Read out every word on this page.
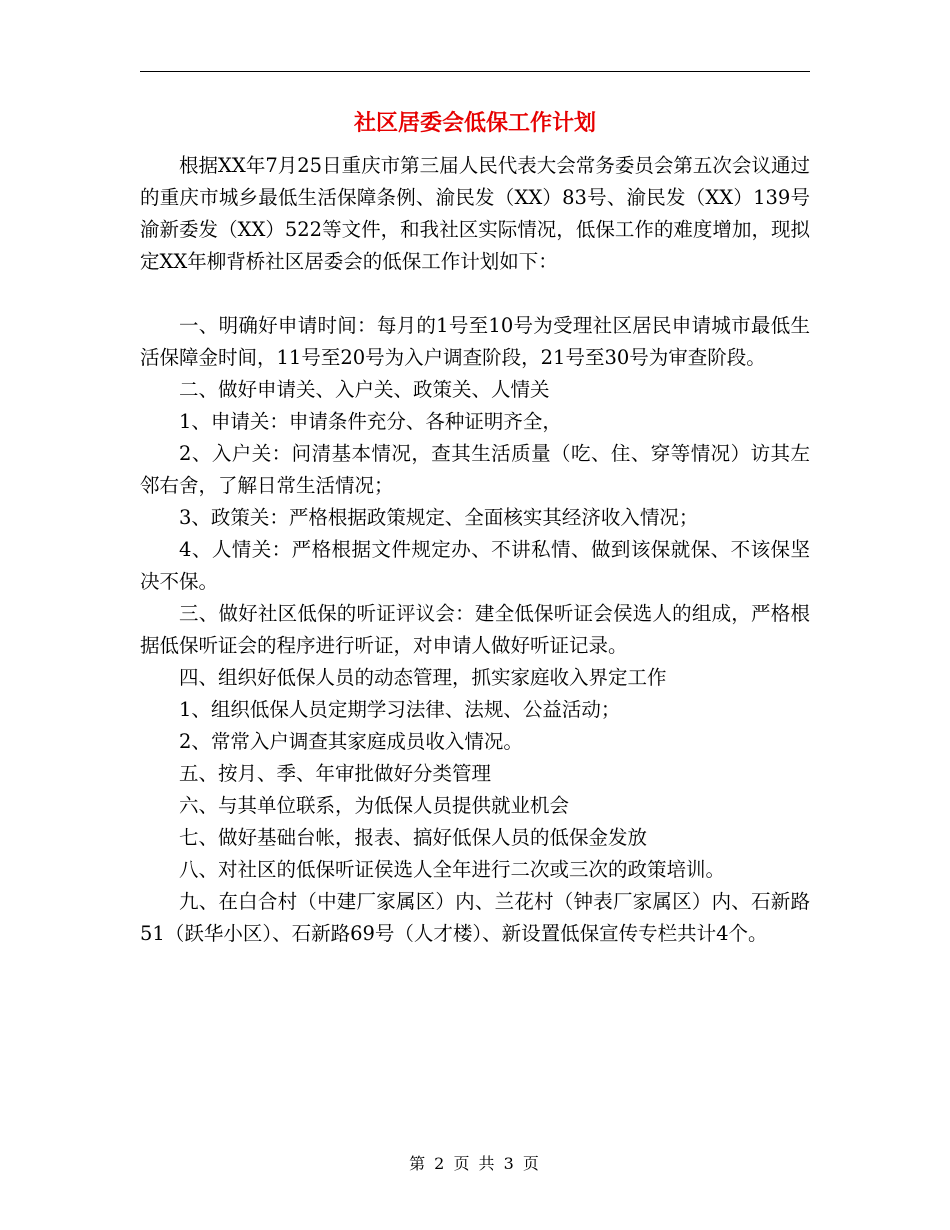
社区居委会低保工作计划

根据XX年7月25日重庆市第三届人民代表大会常务委员会第五次会议通过的重庆市城乡最低生活保障条例、渝民发（XX）83号、渝民发（XX）139号渝新委发（XX）522等文件，和我社区实际情况，低保工作的难度增加，现拟定XX年柳背桥社区居委会的低保工作计划如下：

一、明确好申请时间：每月的1号至10号为受理社区居民申请城市最低生活保障金时间，11号至20号为入户调查阶段，21号至30号为审查阶段。

二、做好申请关、入户关、政策关、人情关

1、申请关：申请条件充分、各种证明齐全，

2、入户关：问清基本情况，查其生活质量（吃、住、穿等情况）访其左邻右舍，了解日常生活情况；

3、政策关：严格根据政策规定、全面核实其经济收入情况；

4、人情关：严格根据文件规定办、不讲私情、做到该保就保、不该保坚决不保。

三、做好社区低保的听证评议会：建全低保听证会侯选人的组成，严格根据低保听证会的程序进行听证，对申请人做好听证记录。

四、组织好低保人员的动态管理，抓实家庭收入界定工作

1、组织低保人员定期学习法律、法规、公益活动；

2、常常入户调查其家庭成员收入情况。

五、按月、季、年审批做好分类管理

六、与其单位联系，为低保人员提供就业机会

七、做好基础台帐，报表、搞好低保人员的低保金发放

八、对社区的低保听证侯选人全年进行二次或三次的政策培训。

九、在白合村（中建厂家属区）内、兰花村（钟表厂家属区）内、石新路51（跃华小区）、石新路69号（人才楼）、新设置低保宣传专栏共计4个。

第 2 页 共 3 页
